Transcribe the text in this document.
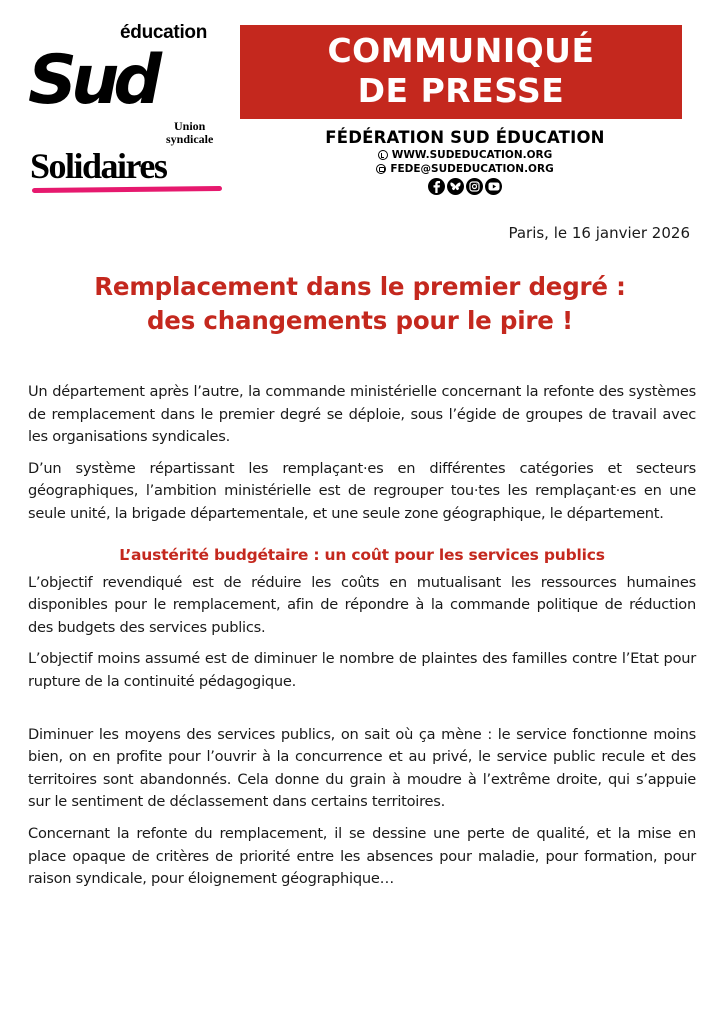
éducation
Sud
Union
syndicale
Solidaires
COMMUNIQUÉ
DE PRESSE
FÉDÉRATION SUD ÉDUCATION
WWW.SUDEDUCATION.ORG
FEDE@SUDEDUCATION.ORG
Paris, le 16 janvier 2026
Remplacement dans le premier degré :
des changements pour le pire !

Un département après l’autre, la commande ministérielle concernant la refonte des systèmes de remplacement dans le premier degré se déploie, sous l’égide de groupes de travail avec les organisations syndicales.

D’un système répartissant les remplaçant·es en différentes catégories et secteurs géographiques, l’ambition ministérielle est de regrouper tou·tes les remplaçant·es en une seule unité, la brigade départementale, et une seule zone géographique, le département.

L’austérité budgétaire : un coût pour les services publics

L’objectif revendiqué est de réduire les coûts en mutualisant les ressources humaines disponibles pour le remplacement, afin de répondre à la commande politique de réduction des budgets des services publics.

L’objectif moins assumé est de diminuer le nombre de plaintes des familles contre l’Etat pour rupture de la continuité pédagogique.

Diminuer les moyens des services publics, on sait où ça mène : le service fonctionne moins bien, on en profite pour l’ouvrir à la concurrence et au privé, le service public recule et des territoires sont abandonnés. Cela donne du grain à moudre à l’extrême droite, qui s’appuie sur le sentiment de déclassement dans certains territoires.

Concernant la refonte du remplacement, il se dessine une perte de qualité, et la mise en place opaque de critères de priorité entre les absences pour maladie, pour formation, pour raison syndicale, pour éloignement géographique…
